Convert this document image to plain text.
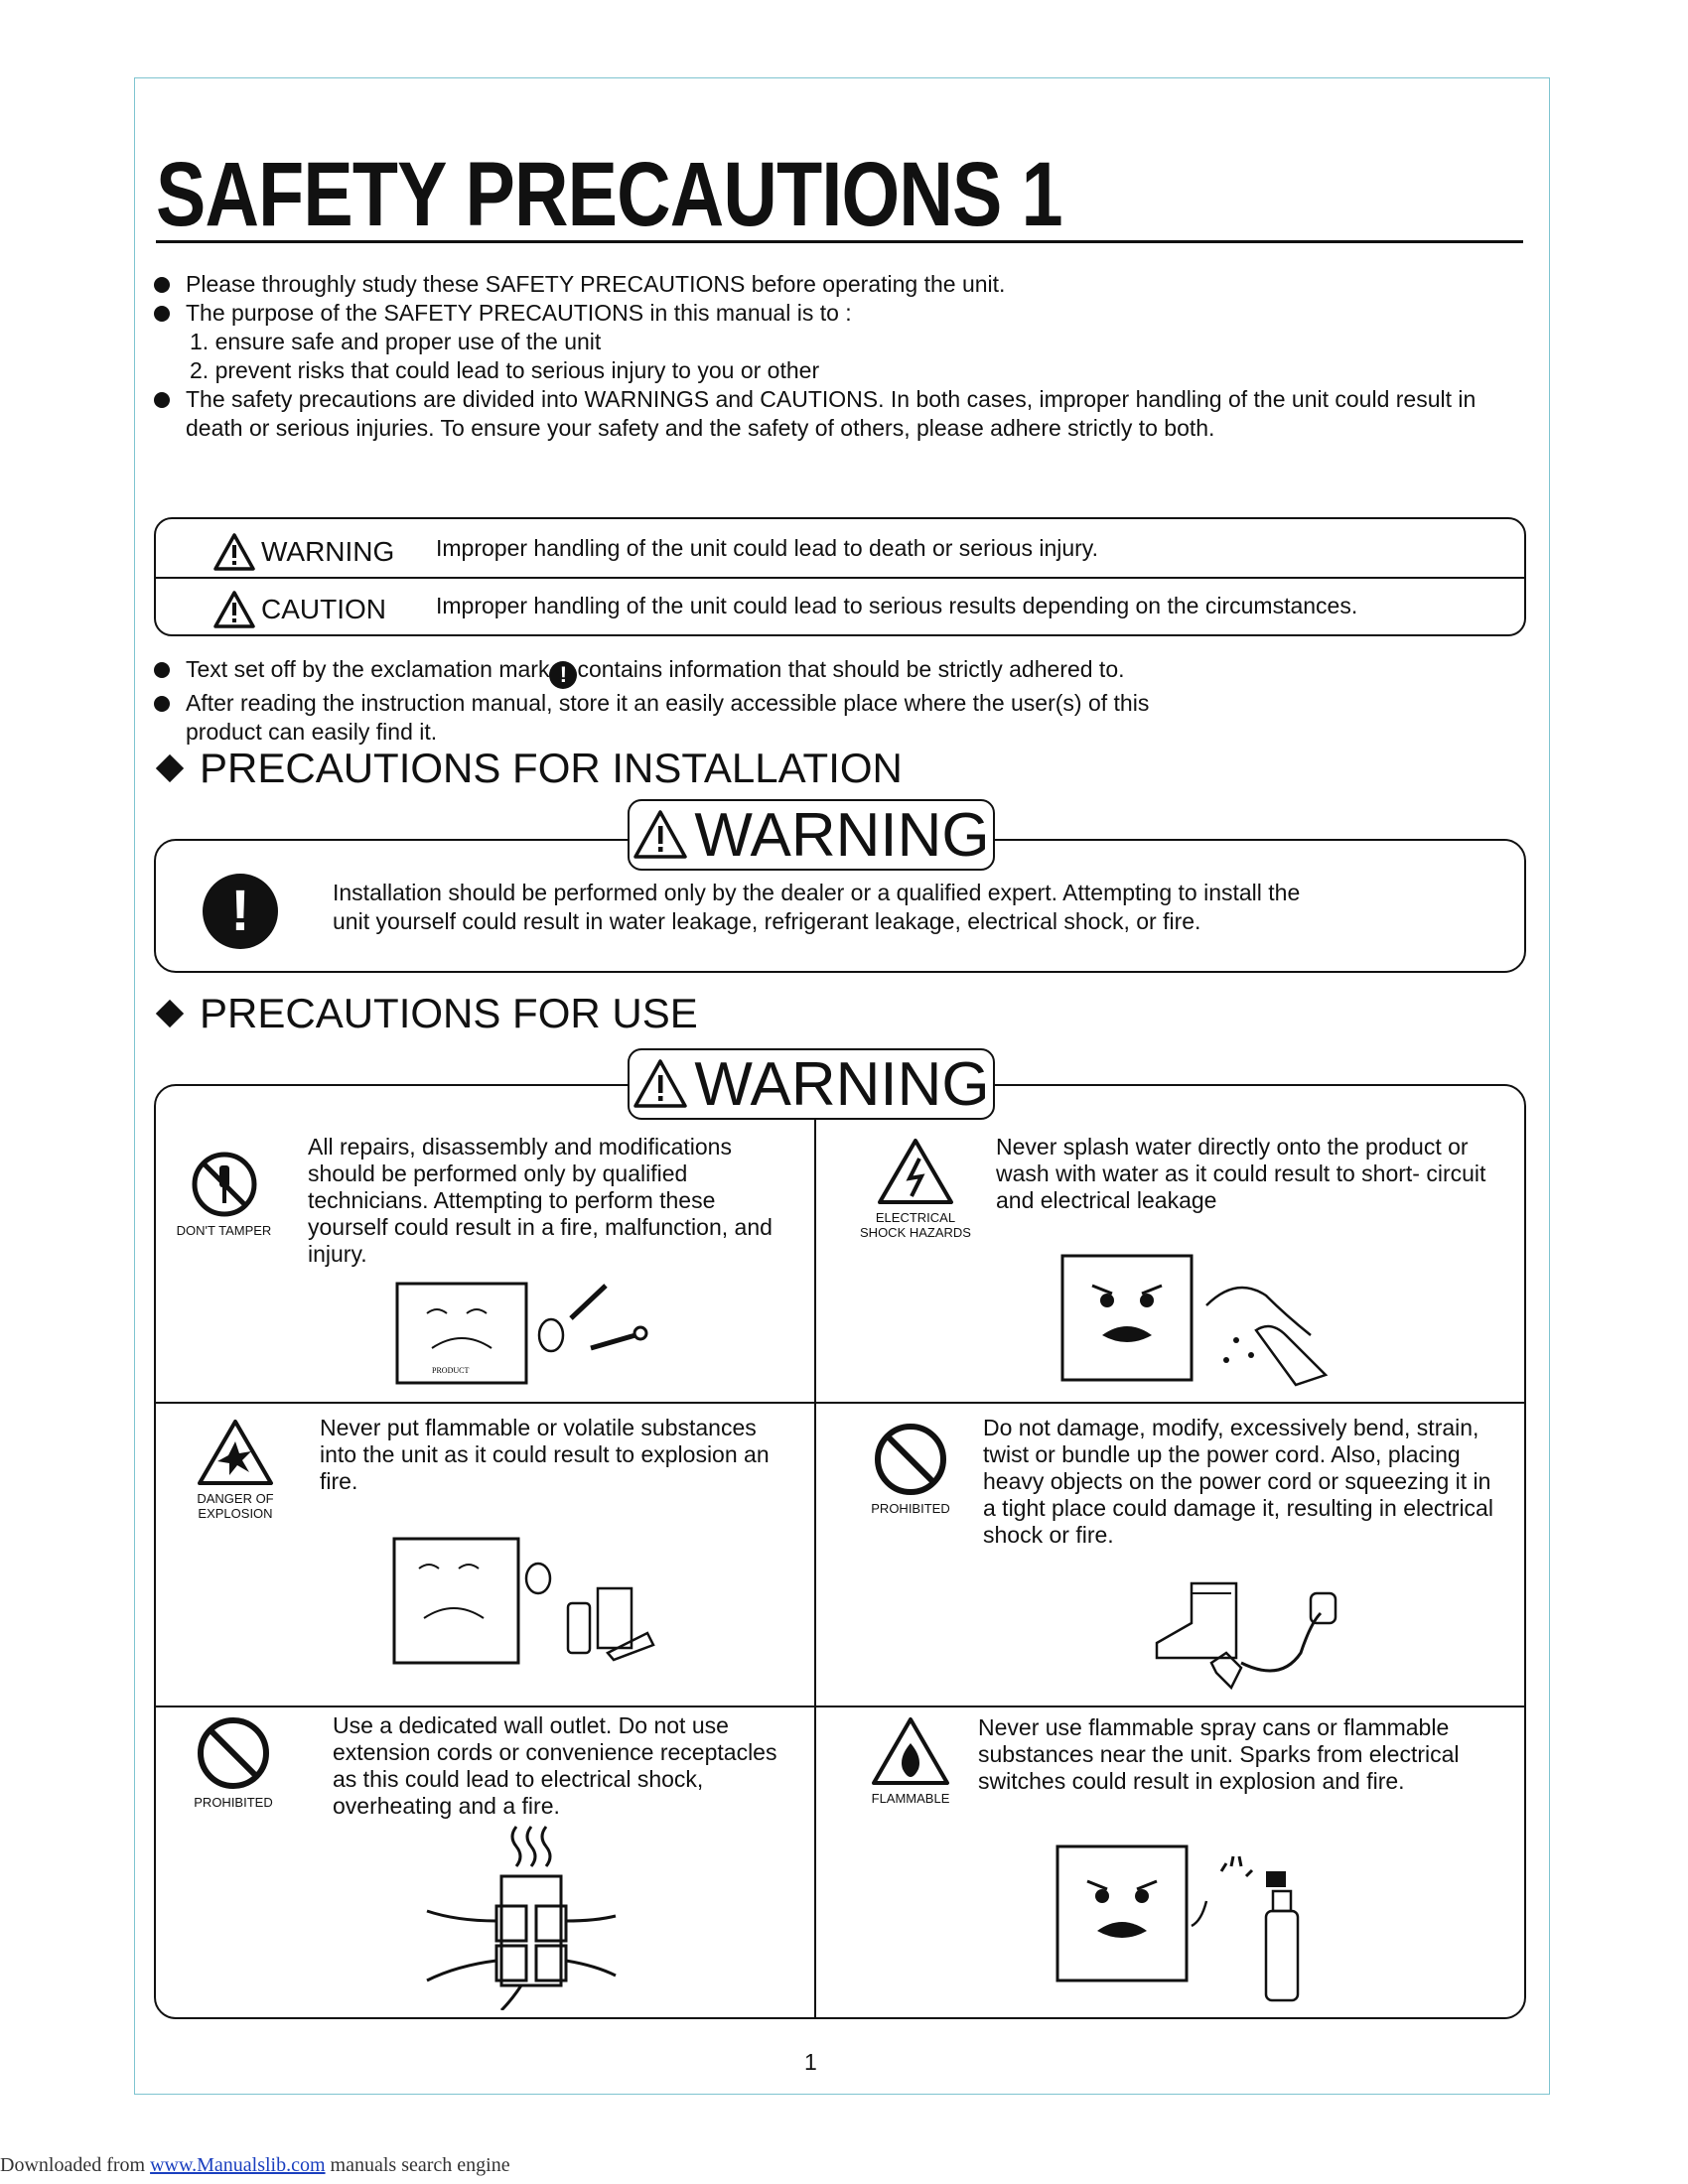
SAFETY PRECAUTIONS 1
Please throughly study these SAFETY PRECAUTIONS before operating the unit.
The purpose of the SAFETY PRECAUTIONS in this manual is to :
1. ensure safe and proper use of the unit
2. prevent risks that could lead to serious injury to you or other
The safety precautions are divided into WARNINGS and CAUTIONS. In both cases, improper handling of the unit could result in death or serious injuries. To ensure your safety and the safety of others, please adhere strictly to both.
WARNING Improper handling of the unit could lead to death or serious injury.
CAUTION Improper handling of the unit could lead to serious results depending on the circumstances.
Text set off by the exclamation mark ! contains information that should be strictly adhered to.
After reading the instruction manual, store it an easily accessible place where the user(s) of this product can easily find it.
PRECAUTIONS FOR INSTALLATION
WARNING
!	Installation should be performed only by the dealer or a qualified expert. Attempting to install the unit yourself could result in water leakage, refrigerant leakage, electrical shock, or fire.
PRECAUTIONS FOR USE
WARNING
DON'T TAMPER
All repairs, disassembly and modifications should be performed only by qualified technicians. Attempting to perform these yourself could result in a fire, malfunction, and injury.
PRODUCT
ELECTRICAL
SHOCK HAZARDS
Never splash water directly onto the product or wash with water as it could result to short- circuit and electrical leakage
DANGER OF
EXPLOSION
Never put flammable or volatile substances into the unit as it could result to explosion an fire.
PROHIBITED
Do not damage, modify, excessively bend, strain, twist or bundle up the power cord. Also, placing heavy objects on the power cord or squeezing it in a tight place could damage it, resulting in electrical shock or fire.
PROHIBITED
Use a dedicated wall outlet. Do not use extension cords or convenience receptacles as this could lead to electrical shock, overheating and a fire.	FLAMMABLE
Never use flammable spray cans or flammable substances near the unit. Sparks from electrical switches could result in explosion and fire.
1
Downloaded from www.Manualslib.com manuals search engine
